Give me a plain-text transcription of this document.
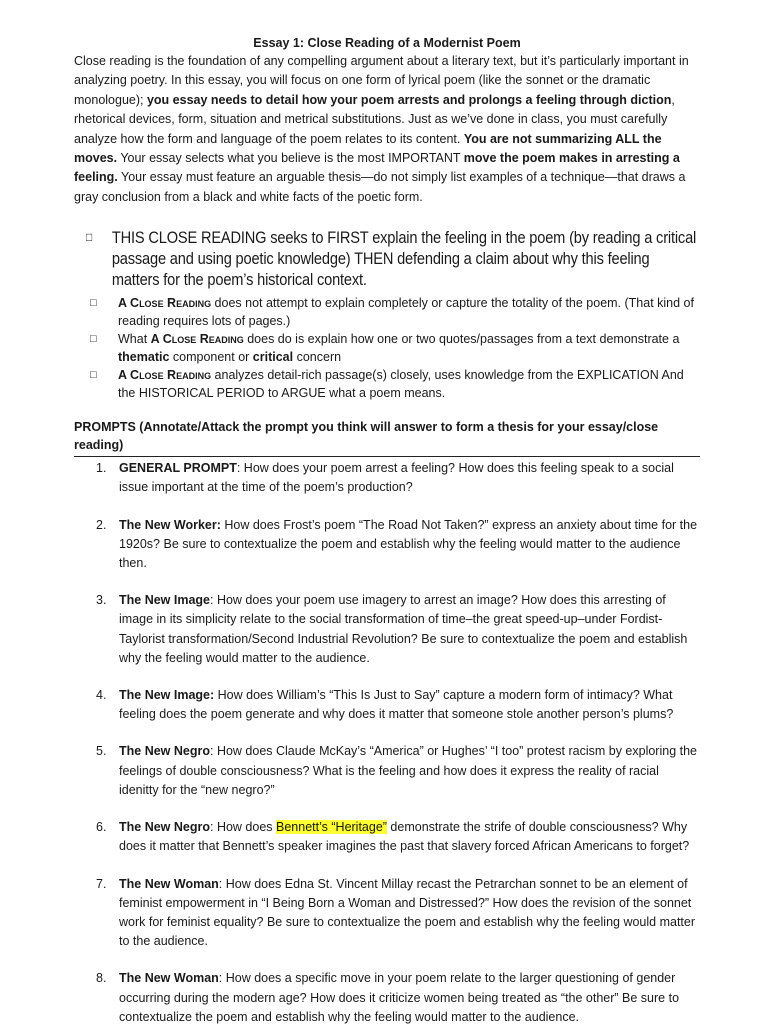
Essay 1: Close Reading of a Modernist Poem

Close reading is the foundation of any compelling argument about a literary text, but it’s particularly important in analyzing poetry. In this essay, you will focus on one form of lyrical poem (like the sonnet or the dramatic monologue); you essay needs to detail how your poem arrests and prolongs a feeling through diction, rhetorical devices, form, situation and metrical substitutions. Just as we’ve done in class, you must carefully analyze how the form and language of the poem relates to its content. You are not summarizing ALL the moves. Your essay selects what you believe is the most IMPORTANT move the poem makes in arresting a feeling. Your essay must feature an arguable thesis—do not simply list examples of a technique—that draws a gray conclusion from a black and white facts of the poetic form.

□ THIS CLOSE READING seeks to FIRST explain the feeling in the poem (by reading a critical passage and using poetic knowledge) THEN defending a claim about why this feeling matters for the poem’s historical context.
□ A Close Reading does not attempt to explain completely or capture the totality of the poem. (That kind of reading requires lots of pages.)
□ What A Close Reading does do is explain how one or two quotes/passages from a text demonstrate a thematic component or critical concern
□ A Close Reading analyzes detail-rich passage(s) closely, uses knowledge from the EXPLICATION And the HISTORICAL PERIOD to ARGUE what a poem means.

PROMPTS (Annotate/Attack the prompt you think will answer to form a thesis for your essay/close reading)

1. GENERAL PROMPT: How does your poem arrest a feeling? How does this feeling speak to a social issue important at the time of the poem’s production?
2. The New Worker: How does Frost’s poem “The Road Not Taken?” express an anxiety about time for the 1920s? Be sure to contextualize the poem and establish why the feeling would matter to the audience then.
3. The New Image: How does your poem use imagery to arrest an image? How does this arresting of image in its simplicity relate to the social transformation of time–the great speed-up–under Fordist-Taylorist transformation/Second Industrial Revolution? Be sure to contextualize the poem and establish why the feeling would matter to the audience.
4. The New Image: How does William’s “This Is Just to Say” capture a modern form of intimacy? What feeling does the poem generate and why does it matter that someone stole another person’s plums?
5. The New Negro: How does Claude McKay’s “America” or Hughes’ “I too” protest racism by exploring the feelings of double consciousness? What is the feeling and how does it express the reality of racial idenitty for the “new negro?”
6. The New Negro: How does Bennett’s “Heritage” demonstrate the strife of double consciousness? Why does it matter that Bennett’s speaker imagines the past that slavery forced African Americans to forget?
7. The New Woman: How does Edna St. Vincent Millay recast the Petrarchan sonnet to be an element of feminist empowerment in “I Being Born a Woman and Distressed?” How does the revision of the sonnet work for feminist equality? Be sure to contextualize the poem and establish why the feeling would matter to the audience.
8. The New Woman: How does a specific move in your poem relate to the larger questioning of gender occurring during the modern age? How does it criticize women being treated as “the other” Be sure to contextualize the poem and establish why the feeling would matter to the audience.
